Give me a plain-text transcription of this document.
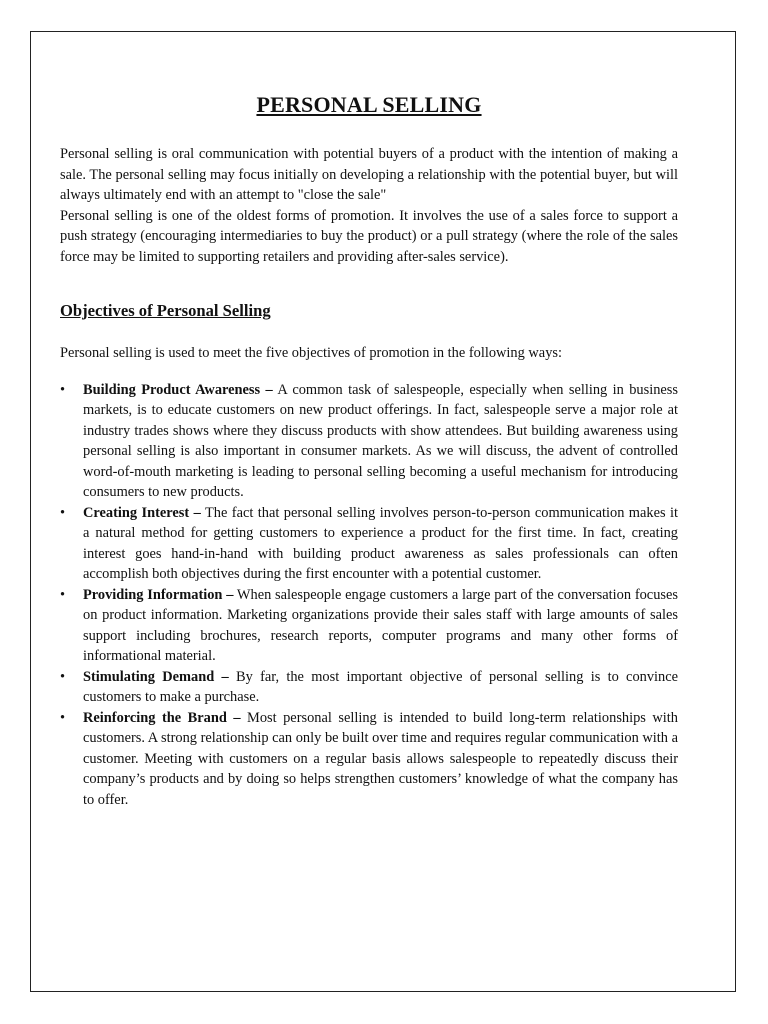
PERSONAL SELLING

Personal selling is oral communication with potential buyers of a product with the intention of making a sale. The personal selling may focus initially on developing a relationship with the potential buyer, but will always ultimately end with an attempt to "close the sale"

Personal selling is one of the oldest forms of promotion. It involves the use of a sales force to support a push strategy (encouraging intermediaries to buy the product) or a pull strategy (where the role of the sales force may be limited to supporting retailers and providing after-sales service).

Objectives of Personal Selling

Personal selling is used to meet the five objectives of promotion in the following ways:

• Building Product Awareness – A common task of salespeople, especially when selling in business markets, is to educate customers on new product offerings. In fact, salespeople serve a major role at industry trades shows where they discuss products with show attendees. But building awareness using personal selling is also important in consumer markets. As we will discuss, the advent of controlled word-of-mouth marketing is leading to personal selling becoming a useful mechanism for introducing consumers to new products.
• Creating Interest – The fact that personal selling involves person-to-person communication makes it a natural method for getting customers to experience a product for the first time. In fact, creating interest goes hand-in-hand with building product awareness as sales professionals can often accomplish both objectives during the first encounter with a potential customer.
• Providing Information – When salespeople engage customers a large part of the conversation focuses on product information. Marketing organizations provide their sales staff with large amounts of sales support including brochures, research reports, computer programs and many other forms of informational material.
• Stimulating Demand – By far, the most important objective of personal selling is to convince customers to make a purchase.
• Reinforcing the Brand – Most personal selling is intended to build long-term relationships with customers. A strong relationship can only be built over time and requires regular communication with a customer. Meeting with customers on a regular basis allows salespeople to repeatedly discuss their company’s products and by doing so helps strengthen customers’ knowledge of what the company has to offer.
